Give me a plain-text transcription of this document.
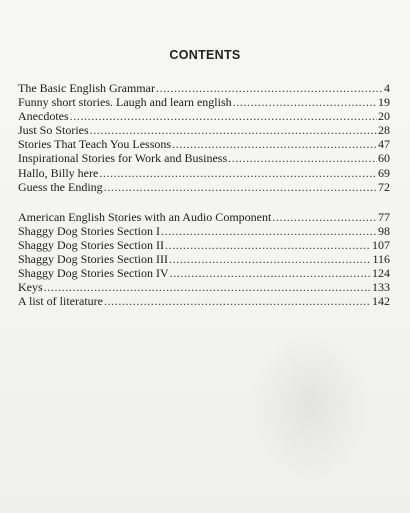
CONTENTS
The Basic English Grammar .....	4
Funny short stories. Laugh and learn english .....	19
Anecdotes .....	20
Just So Stories .....	28
Stories That Teach You Lessons .....	47
Inspirational Stories for Work and Business .....	60
Hallo, Billy here .....	69
Guess the Ending .....	72
American English Stories with an Audio Component .....	77
Shaggy Dog Stories Section I .....	98
Shaggy Dog Stories Section II .....	107
Shaggy Dog Stories Section III .....	116
Shaggy Dog Stories Section IV .....	124
Keys .....	133
A list of literature .....	142
